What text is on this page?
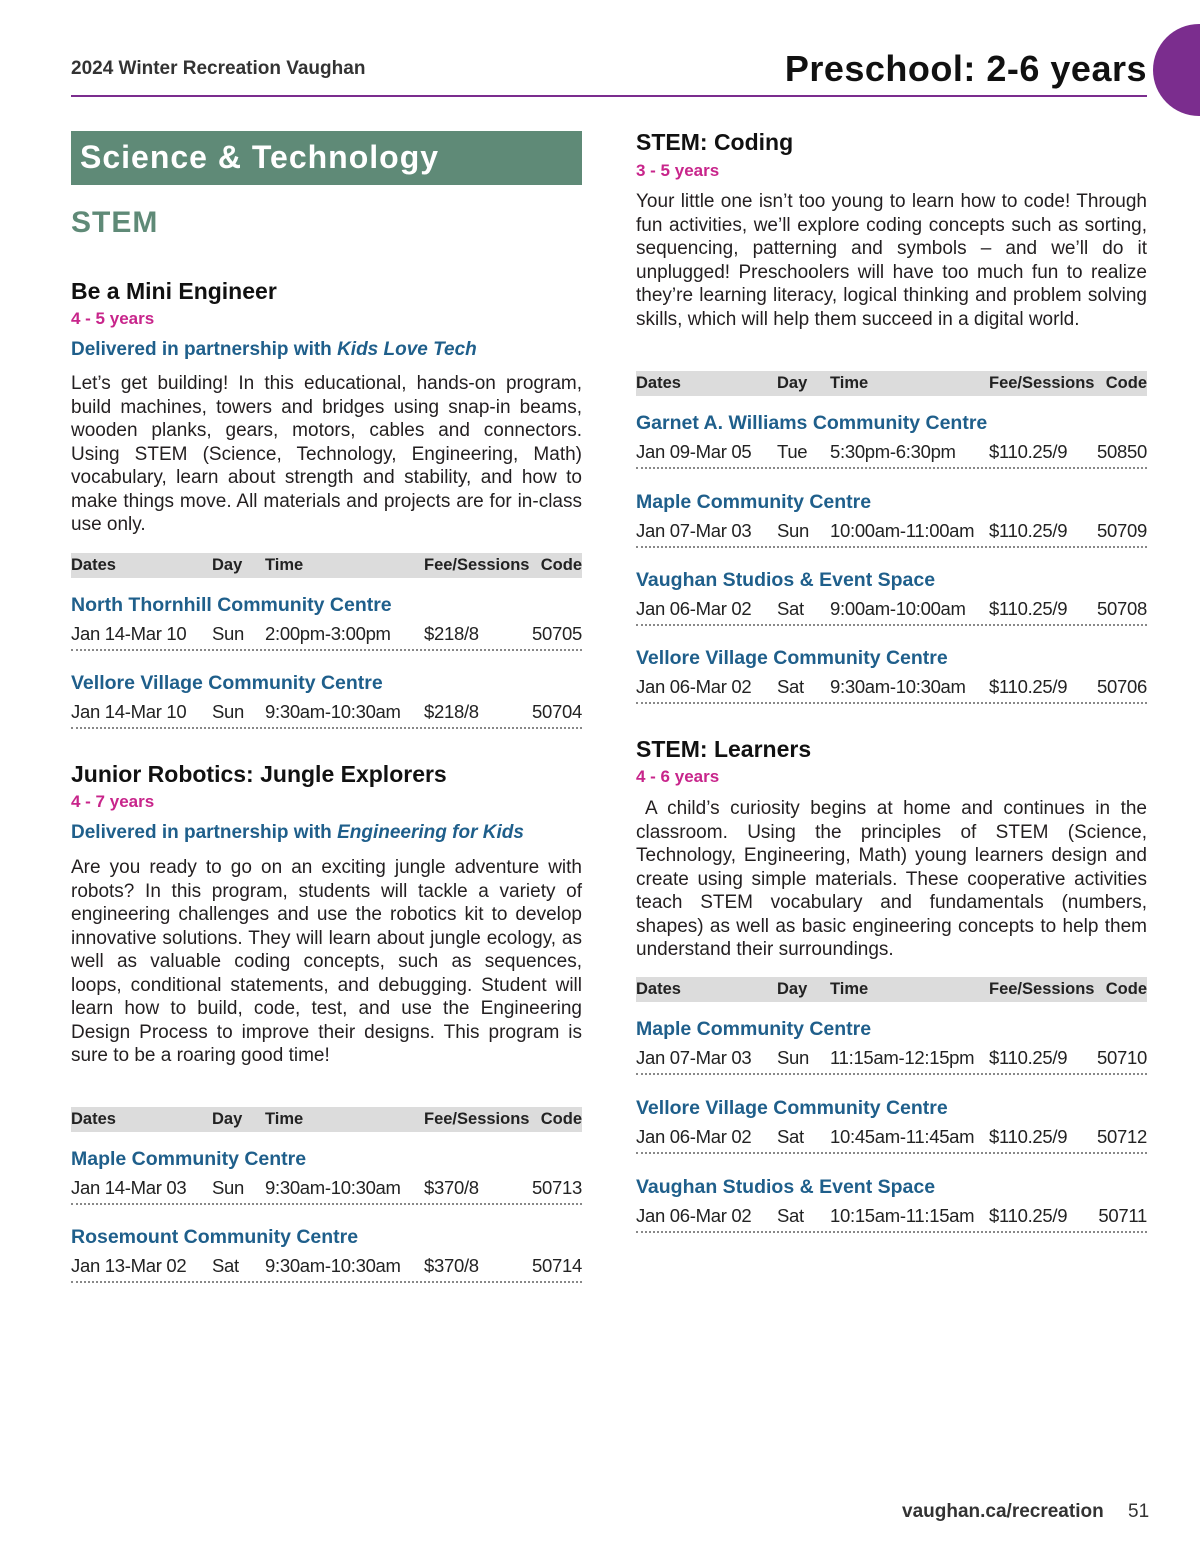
2024 Winter Recreation Vaughan	Preschool: 2-6 years
Science & Technology
STEM
Be a Mini Engineer
4 - 5 years
Delivered in partnership with Kids Love Tech
Let’s get building! In this educational, hands-on program, build machines, towers and bridges using snap-in beams, wooden planks, gears, motors, cables and connectors. Using STEM (Science, Technology, Engineering, Math) vocabulary, learn about strength and stability, and how to make things move. All materials and projects are for in-class use only.
Dates	Day Time	Fee/Sessions Code
North Thornhill Community Centre
Jan 14-Mar 10 Sun 2:00pm-3:00pm $218/8	50705
Vellore Village Community Centre
Jan 14-Mar 10 Sun 9:30am-10:30am $218/8	50704
Junior Robotics: Jungle Explorers
4 - 7 years
Delivered in partnership with Engineering for Kids
Are you ready to go on an exciting jungle adventure with robots? In this program, students will tackle a variety of engineering challenges and use the robotics kit to develop innovative solutions. They will learn about jungle ecology, as well as valuable coding concepts, such as sequences, loops, conditional statements, and debugging. Student will learn how to build, code, test, and use the Engineering Design Process to improve their designs. This program is sure to be a roaring good time!
Dates	Day Time	Fee/Sessions Code
Maple Community Centre
Jan 14-Mar 03 Sun 9:30am-10:30am $370/8	50713
Rosemount Community Centre
Jan 13-Mar 02 Sat 9:30am-10:30am $370/8	50714
STEM: Coding
3 - 5 years
Your little one isn’t too young to learn how to code! Through fun activities, we’ll explore coding concepts such as sorting, sequencing, patterning and symbols – and we’ll do it unplugged! Preschoolers will have too much fun to realize they’re learning literacy, logical thinking and problem solving skills, which will help them succeed in a digital world.
Dates	Day Time	Fee/Sessions Code
Garnet A. Williams Community Centre
Jan 09-Mar 05 Tue 5:30pm-6:30pm $110.25/9 50850
Maple Community Centre
Jan 07-Mar 03 Sun 10:00am-11:00am $110.25/9 50709
Vaughan Studios & Event Space
Jan 06-Mar 02 Sat 9:00am-10:00am $110.25/9 50708
Vellore Village Community Centre
Jan 06-Mar 02 Sat 9:30am-10:30am $110.25/9 50706
STEM: Learners
4 - 6 years
A child’s curiosity begins at home and continues in the classroom. Using the principles of STEM (Science, Technology, Engineering, Math) young learners design and create using simple materials. These cooperative activities teach STEM vocabulary and fundamentals (numbers, shapes) as well as basic engineering concepts to help them understand their surroundings.
Dates	Day Time	Fee/Sessions Code
Maple Community Centre
Jan 07-Mar 03 Sun 11:15am-12:15pm $110.25/9 50710
Vellore Village Community Centre
Jan 06-Mar 02 Sat 10:45am-11:45am $110.25/9 50712
Vaughan Studios & Event Space
Jan 06-Mar 02 Sat 10:15am-11:15am $110.25/9 50711
vaughan.ca/recreation 51
